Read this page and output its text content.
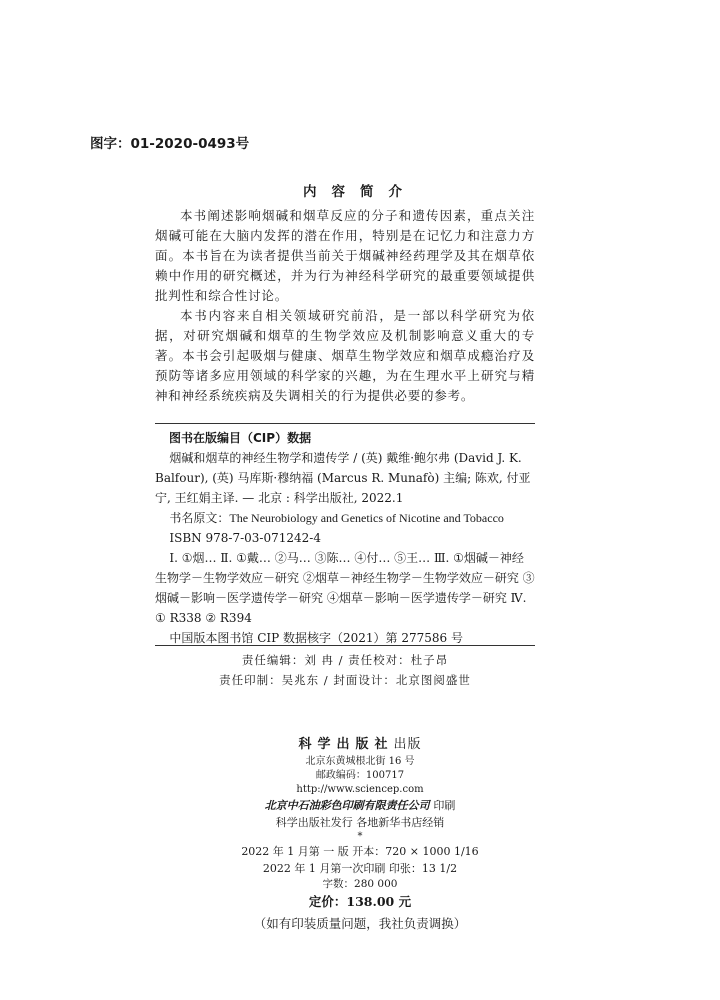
图字：01-2020-0493号
内容简介

本书阐述影响烟碱和烟草反应的分子和遗传因素，重点关注烟碱可能在大脑内发挥的潜在作用，特别是在记忆力和注意力方面。本书旨在为读者提供当前关于烟碱神经药理学及其在烟草依赖中作用的研究概述，并为行为神经科学研究的最重要领域提供批判性和综合性讨论。

本书内容来自相关领域研究前沿，是一部以科学研究为依据，对研究烟碱和烟草的生物学效应及机制影响意义重大的专著。本书会引起吸烟与健康、烟草生物学效应和烟草成瘾治疗及预防等诸多应用领域的科学家的兴趣，为在生理水平上研究与精神和神经系统疾病及失调相关的行为提供必要的参考。

图书在版编目（CIP）数据
烟碱和烟草的神经生物学和遗传学 / (英) 戴维·鲍尔弗 (David J. K. Balfour), (英) 马库斯·穆纳福 (Marcus R. Munafò) 主编; 陈欢, 付亚宁, 王红娟主译. — 北京 : 科学出版社, 2022.1
书名原文：The Neurobiology and Genetics of Nicotine and Tobacco
ISBN 978-7-03-071242-4
Ⅰ. ①烟… Ⅱ. ①戴… ②马… ③陈… ④付… ⑤王… Ⅲ. ①烟碱－神经生物学－生物学效应－研究 ②烟草－神经生物学－生物学效应－研究 ③烟碱－影响－医学遗传学－研究 ④烟草－影响－医学遗传学－研究 Ⅳ. ① R338 ② R394
中国版本图书馆 CIP 数据核字（2021）第 277586 号
责任编辑：刘 冉 / 责任校对：杜子昂
责任印制：吴兆东 / 封面设计：北京图阅盛世
科学出版社出版
北京东黄城根北街 16 号
邮政编码：100717
http://www.sciencep.com
北京中石油彩色印刷有限责任公司 印刷
科学出版社发行 各地新华书店经销
*
2022 年 1 月第 一 版 开本：720 × 1000 1/16
2022 年 1 月第一次印刷 印张：13 1/2
字数：280 000
定价：138.00 元
（如有印装质量问题，我社负责调换）
